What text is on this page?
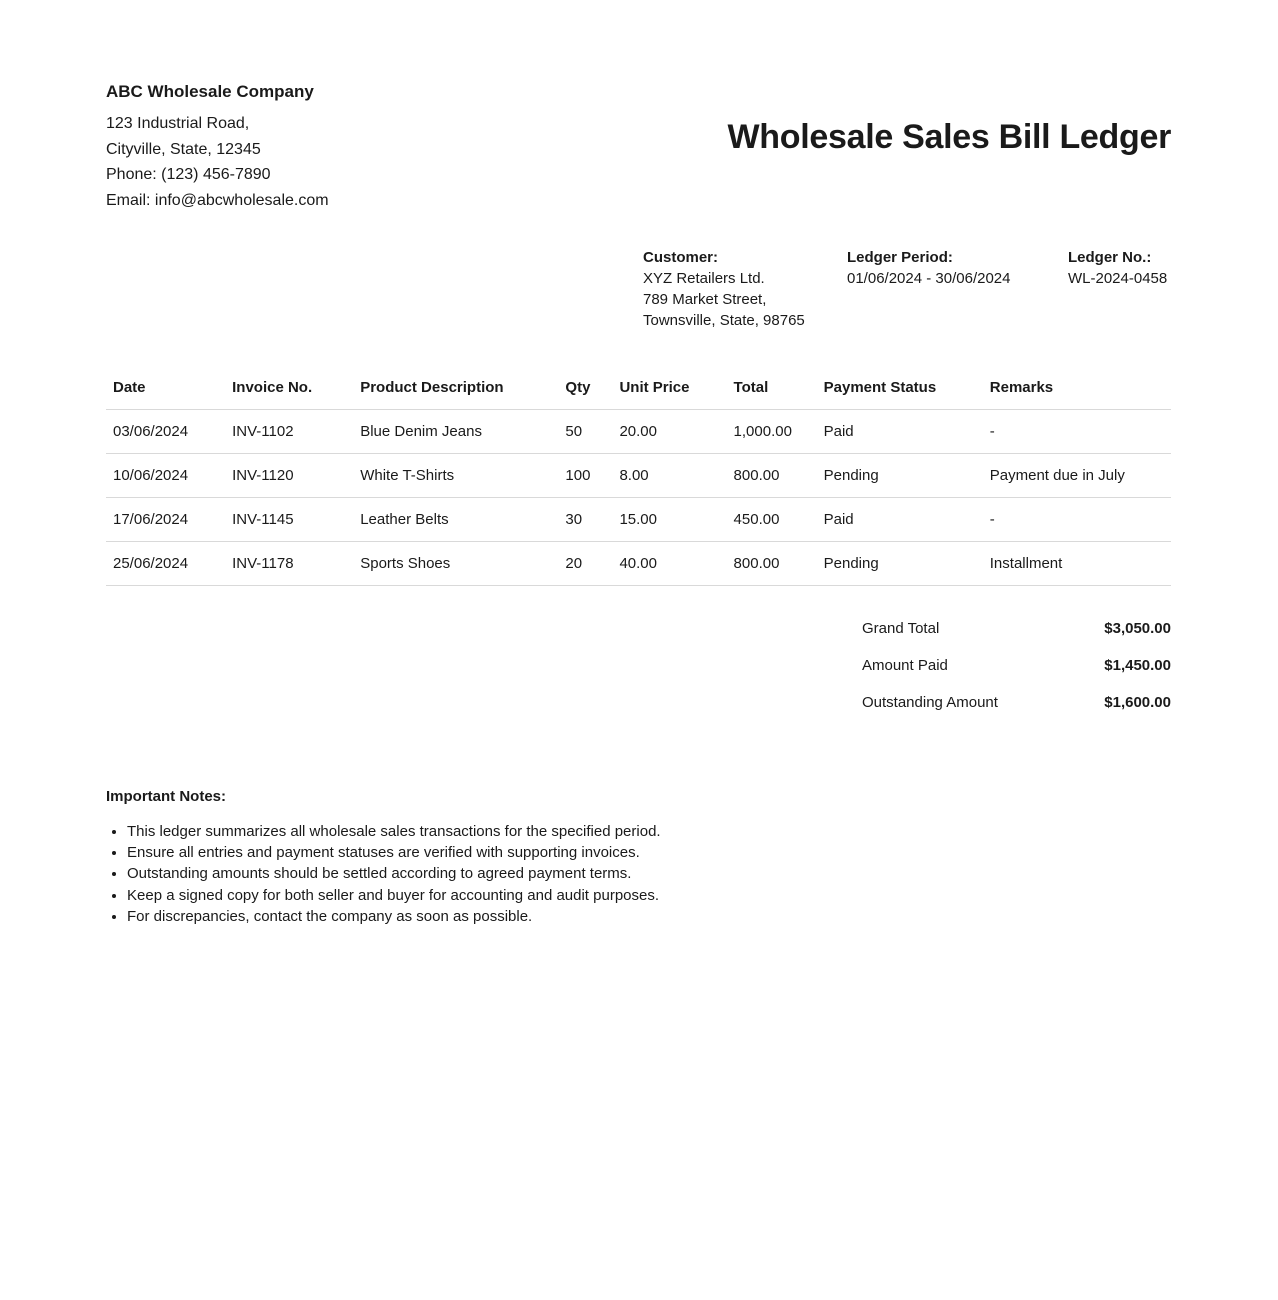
ABC Wholesale Company
123 Industrial Road,
Cityville, State, 12345
Phone: (123) 456-7890
Email: info@abcwholesale.com
Wholesale Sales Bill Ledger
Customer:
XYZ Retailers Ltd.
789 Market Street,
Townsville, State, 98765
Ledger Period:
01/06/2024 - 30/06/2024
Ledger No.:
WL-2024-0458
Date	Invoice No.	Product Description	Qty	Unit Price	Total	Payment Status	Remarks
03/06/2024	INV-1102	Blue Denim Jeans	50	20.00	1,000.00	Paid	-
10/06/2024	INV-1120	White T-Shirts	100	8.00	800.00	Pending	Payment due in July
17/06/2024	INV-1145	Leather Belts	30	15.00	450.00	Paid	-
25/06/2024	INV-1178	Sports Shoes	20	40.00	800.00	Pending	Installment
Grand Total	$3,050.00
Amount Paid	$1,450.00
Outstanding Amount	$1,600.00
Important Notes:
• This ledger summarizes all wholesale sales transactions for the specified period.
• Ensure all entries and payment statuses are verified with supporting invoices.
• Outstanding amounts should be settled according to agreed payment terms.
• Keep a signed copy for both seller and buyer for accounting and audit purposes.
• For discrepancies, contact the company as soon as possible.
